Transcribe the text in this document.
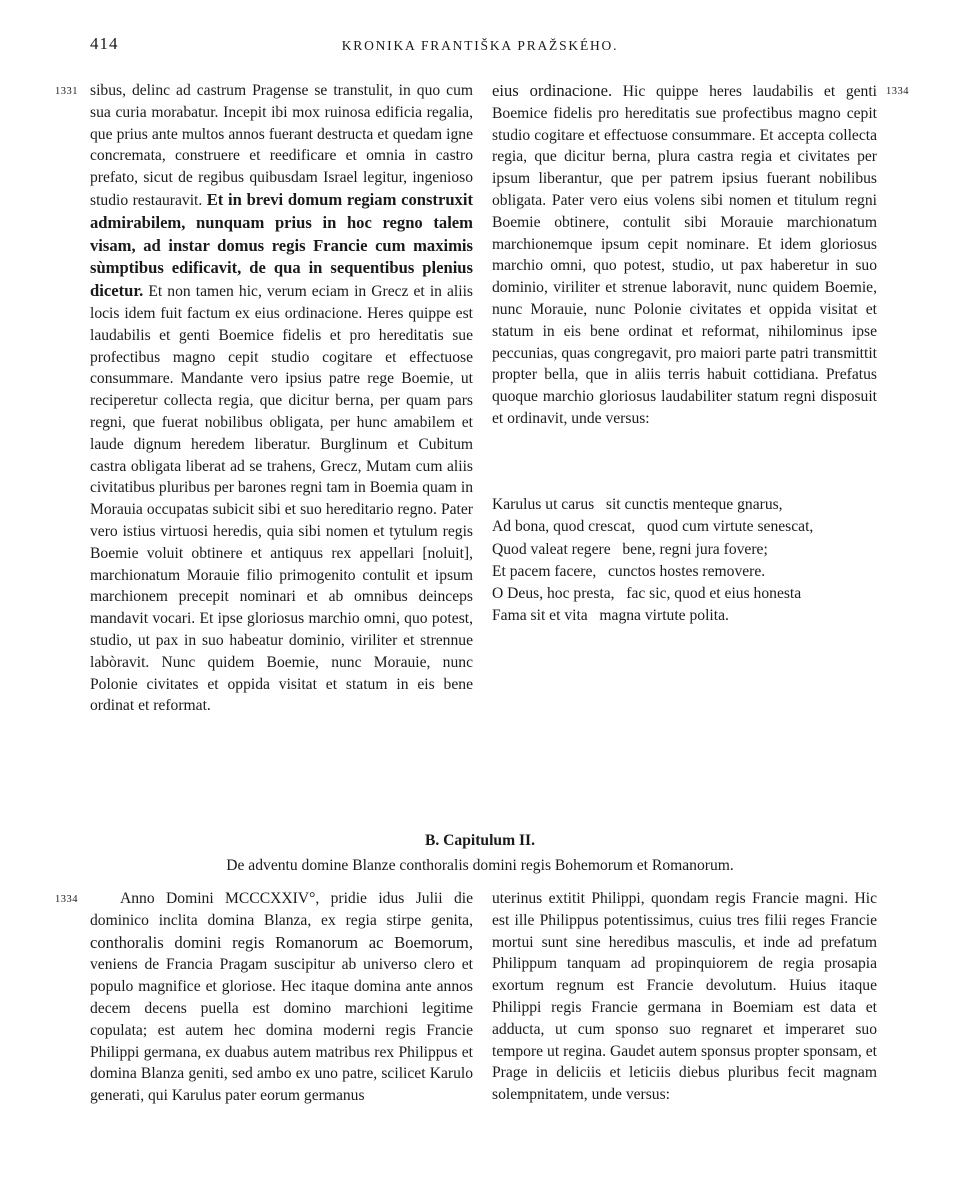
414	KRONIKA FRANTIŠKA PRAŽSKÉHO.
1331	1334
1334

sibus, delinc ad castrum Pragense se transtulit, in quo cum sua curia morabatur. Incepit ibi mox ruinosa edificia regalia, que prius ante multos annos fuerant destructa et quedam igne concremata, construere et reedificare et omnia in castro prefato, sicut de regibus quibusdam Israel legitur, ingenioso studio restauravit. Et in brevi domum regiam construxit admirabilem, nunquam prius in hoc regno talem visam, ad instar domus regis Francie cum maximis sùmptibus edificavit, de qua in sequentibus plenius dicetur. Et non tamen hic, verum eciam in Grecz et in aliis locis idem fuit factum ex eius ordinacione. Heres quippe est laudabilis et genti Boemice fidelis et pro hereditatis sue profectibus magno cepit studio cogitare et effectuose consummare. Mandante vero ipsius patre rege Boemie, ut reciperetur collecta regia, que dicitur berna, per quam pars regni, que fuerat nobilibus obligata, per hunc amabilem et laude dignum heredem liberatur. Burglinum et Cubitum castra obligata liberat ad se trahens, Grecz, Mutam cum aliis civitatibus pluribus per barones regni tam in Boemia quam in Morauia occupatas subicit sibi et suo hereditario regno. Pater vero istius virtuosi heredis, quia sibi nomen et tytulum regis Boemie voluit obtinere et antiquus rex appellari [noluit], marchionatum Morauie filio primogenito contulit et ipsum marchionem precepit nominari et ab omnibus deinceps mandavit vocari. Et ipse gloriosus marchio omni, quo potest, studio, ut pax in suo habeatur dominio, viriliter et strennue labòravit. Nunc quidem Boemie, nunc Morauie, nunc Polonie civitates et oppida visitat et statum in eis bene ordinat et reformat.

eius ordinacione. Hic quippe heres laudabilis et genti Boemice fidelis pro hereditatis sue profectibus magno cepit studio cogitare et effectuose consummare. Et accepta collecta regia, que dicitur berna, plura castra regia et civitates per ipsum liberantur, que per patrem ipsius fuerant nobilibus obligata. Pater vero eius volens sibi nomen et titulum regni Boemie obtinere, contulit sibi Morauie marchionatum marchionemque ipsum cepit nominare. Et idem gloriosus marchio omni, quo potest, studio, ut pax haberetur in suo dominio, viriliter et strenue laboravit, nunc quidem Boemie, nunc Morauie, nunc Polonie civitates et oppida visitat et statum in eis bene ordinat et reformat, nihilominus ipse peccunias, quas congregavit, pro maiori parte patri transmittit propter bella, que in aliis terris habuit cottidiana. Prefatus quoque marchio gloriosus laudabiliter statum regni disposuit et ordinavit, unde versus:

Karulus ut carus   sit cunctis menteque gnarus,
Ad bona, quod crescat,   quod cum virtute senescat,
Quod valeat regere   bene, regni jura fovere;
Et pacem facere,   cunctos hostes removere.
O Deus, hoc presta,   fac sic, quod et eius honesta
Fama sit et vita   magna virtute polita.
B. Capitulum II.
De adventu domine Blanze conthoralis domini regis Bohemorum et Romanorum.

Anno Domini MCCCXXIV°, pridie idus Julii die dominico inclita domina Blanza, ex regia stirpe genita, conthoralis domini regis Romanorum ac Boemorum, veniens de Francia Pragam suscipitur ab universo clero et populo magnifice et gloriose. Hec itaque domina ante annos decem decens puella est domino marchioni legitime copulata; est autem hec domina moderni regis Francie Philippi germana, ex duabus autem matribus rex Philippus et domina Blanza geniti, sed ambo ex uno patre, scilicet Karulo generati, qui Karulus pater eorum germanus

uterinus extitit Philippi, quondam regis Francie magni. Hic est ille Philippus potentissimus, cuius tres filii reges Francie mortui sunt sine heredibus masculis, et inde ad prefatum Philippum tanquam ad propinquiorem de regia prosapia exortum regnum est Francie devolutum. Huius itaque Philippi regis Francie germana in Boemiam est data et adducta, ut cum sponso suo regnaret et imperaret suo tempore ut regina. Gaudet autem sponsus propter sponsam, et Prage in deliciis et leticiis diebus pluribus fecit magnam solempnitatem, unde versus:
